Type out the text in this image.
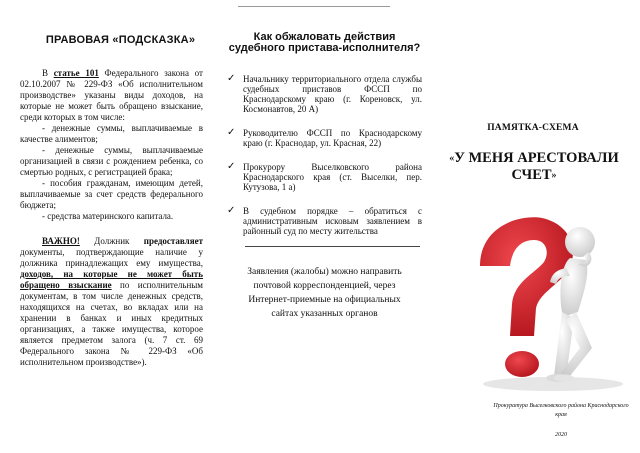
ПРАВОВАЯ «ПОДСКАЗКА»

В статье 101 Федерального закона от 02.10.2007 № 229-ФЗ «Об исполнительном производстве» указаны виды доходов, на которые не может быть обращено взыскание, среди которых в том числе:

- денежные суммы, выплачиваемые в качестве алиментов;

- денежные суммы, выплачиваемые организацией в связи с рождением ребенка, со смертью родных, с регистрацией брака;

- пособия гражданам, имеющим детей, выплачиваемые за счет средств федерального бюджета;

- средства материнского капитала.

ВАЖНО! Должник предоставляет документы, подтверждающие наличие у должника принадлежащих ему имущества, доходов, на которые не может быть обращено взыскание по исполнительным документам, в том числе денежных средств, находящихся на счетах, во вкладах или на хранении в банках и иных кредитных организациях, а также имущества, которое является предметом залога (ч. 7 ст. 69 Федерального закона № 229-ФЗ «Об исполнительном производстве»).

Как обжаловать действия судебного пристава-исполнителя?
✓ Начальнику территориального отдела службы судебных приставов ФССП по Краснодарскому краю (г. Кореновск, ул. Космонавтов, 20 А)
✓ Руководителю ФССП по Краснодарскому краю (г. Краснодар, ул. Красная, 22)
✓ Прокурору Выселковского района Краснодарского края (ст. Выселки, пер. Кутузова, 1 а)
✓ В судебном порядке – обратиться с административным исковым заявлением в районный суд по месту жительства
Заявления (жалобы) можно направить почтовой корреспонденцией, через Интернет-приемные на официальных сайтах указанных органов
ПАМЯТКА-СХЕМА
«У МЕНЯ АРЕСТОВАЛИ СЧЕТ»
Прокуратура Выселковского района Краснодарского края
2020
